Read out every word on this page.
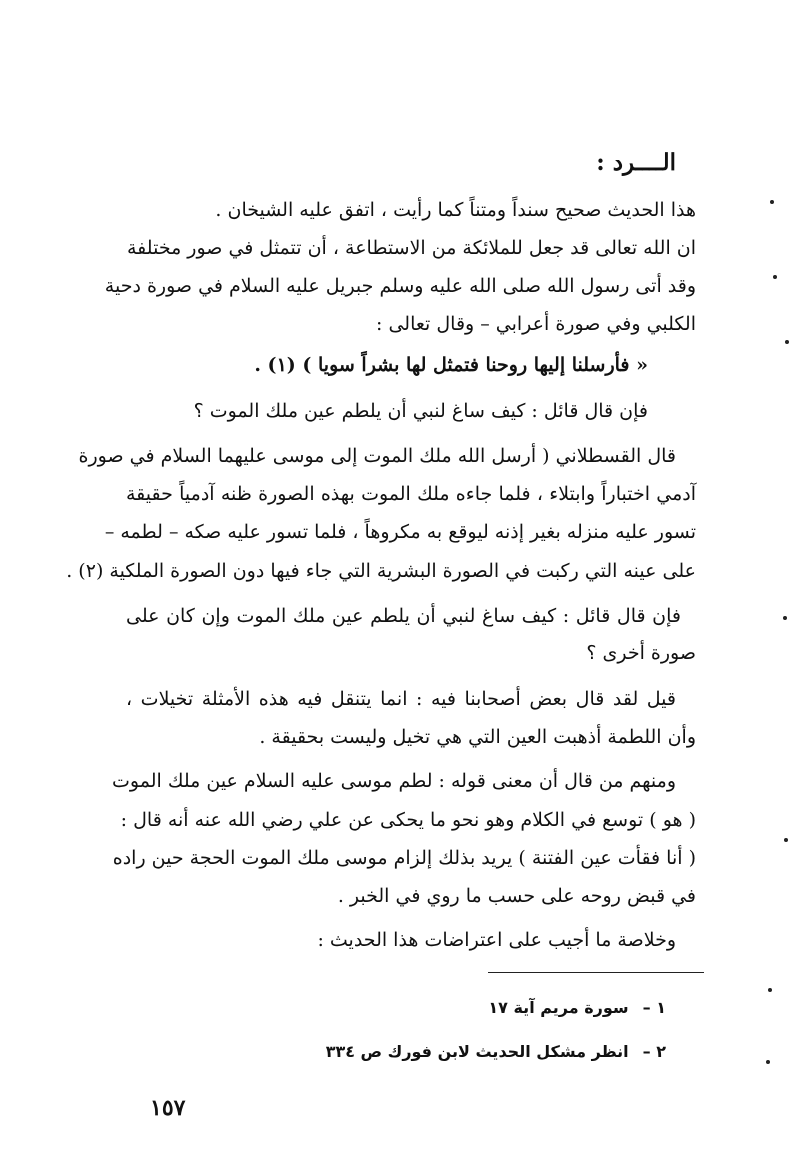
الــــرد :
هذا الحديث صحيح سنداً ومتناً كما رأيت ، اتفق عليه الشيخان .
ان الله تعالى قد جعل للملائكة من الاستطاعة ، أن تتمثل في صور مختلفة
وقد أتى رسول الله صلى الله عليه وسلم جبريل عليه السلام في صورة دحية
الكلبي وفي صورة أعرابي – وقال تعالى :
« فأرسلنا إليها روحنا فتمثل لها بشراً سويا ) (١) .
فإن قال قائل : كيف ساغ لنبي أن يلطم عين ملك الموت ؟
قال القسطلاني ( أرسل الله ملك الموت إلى موسى عليهما السلام في صورة
آدمي اختباراً وابتلاء ، فلما جاءه ملك الموت بهذه الصورة ظنه آدمياً حقيقة
تسور عليه منزله بغير إذنه ليوقع به مكروهاً ، فلما تسور عليه صكه – لطمه –
على عينه التي ركبت في الصورة البشرية التي جاء فيها دون الصورة الملكية (٢) .
فإن قال قائل : كيف ساغ لنبي أن يلطم عين ملك الموت وإن كان على
صورة أخرى ؟
قيل لقد قال بعض أصحابنا فيه : انما يتنقل فيه هذه الأمثلة تخيلات ،
وأن اللطمة أذهبت العين التي هي تخيل وليست بحقيقة .
ومنهم من قال أن معنى قوله : لطم موسى عليه السلام عين ملك الموت
( هو ) توسع في الكلام وهو نحو ما يحكى عن علي رضي الله عنه أنه قال :
( أنا فقأت عين الفتنة ) يريد بذلك إلزام موسى ملك الموت الحجة حين راده
في قبض روحه على حسب ما روي في الخبر .
وخلاصة ما أجيب على اعتراضات هذا الحديث :
١ –سورة مريم آية ١٧
٢ –انظر مشكل الحديث لابن فورك ص ٣٣٤
١٥٧
